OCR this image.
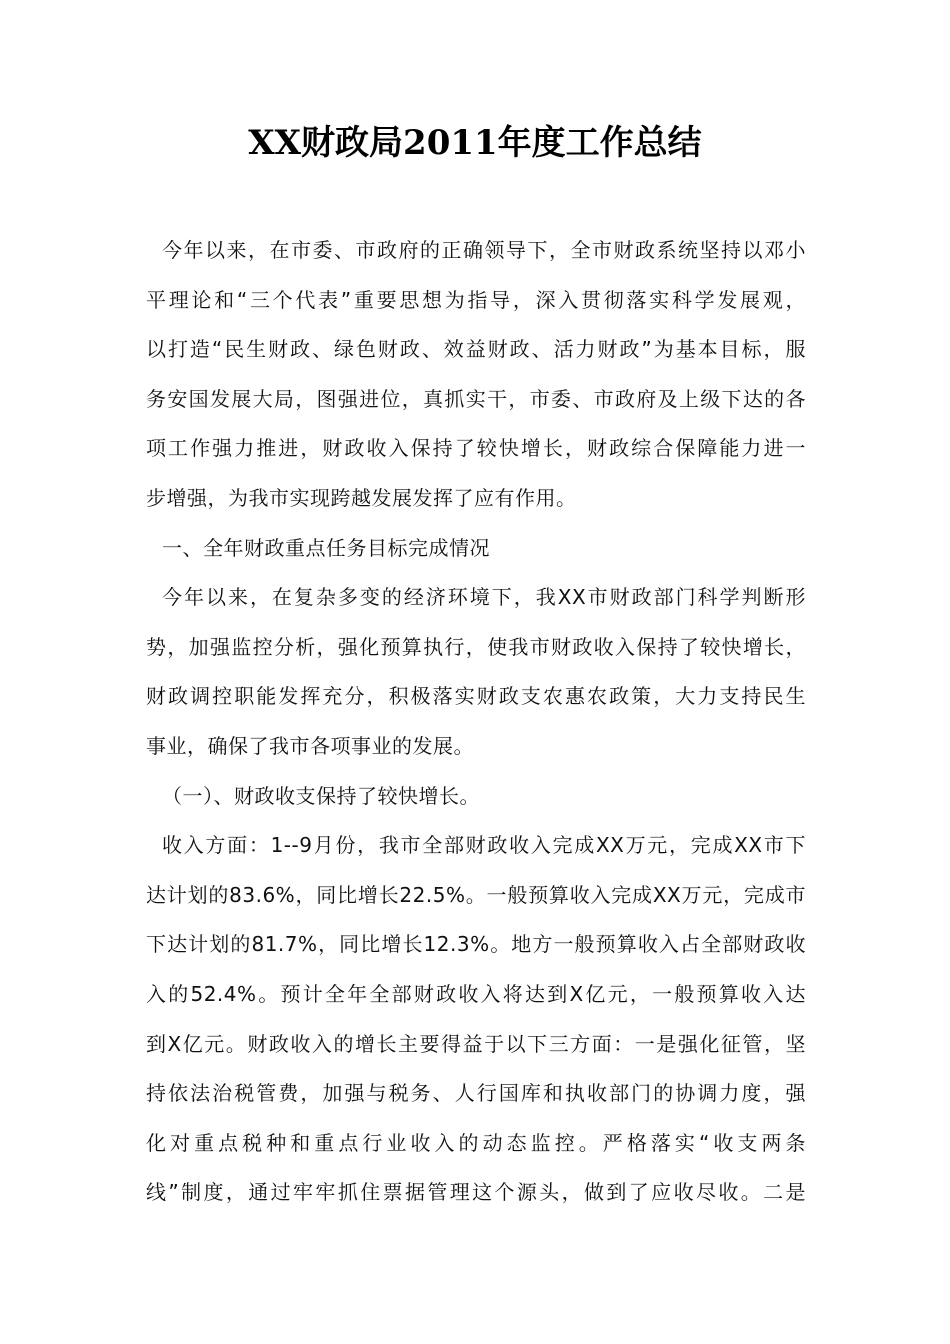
XX财政局2011年度工作总结
今年以来，在市委、市政府的正确领导下，全市财政系统坚持以邓小
平理论和“三个代表”重要思想为指导，深入贯彻落实科学发展观，
以打造“民生财政、绿色财政、效益财政、活力财政”为基本目标，服
务安国发展大局，图强进位，真抓实干，市委、市政府及上级下达的各
项工作强力推进，财政收入保持了较快增长，财政综合保障能力进一
步增强，为我市实现跨越发展发挥了应有作用。
一、全年财政重点任务目标完成情况
今年以来，在复杂多变的经济环境下，我XX市财政部门科学判断形
势，加强监控分析，强化预算执行，使我市财政收入保持了较快增长，
财政调控职能发挥充分，积极落实财政支农惠农政策，大力支持民生
事业，确保了我市各项事业的发展。
（一）、财政收支保持了较快增长。
收入方面：1--9月份，我市全部财政收入完成XX万元，完成XX市下
达计划的83.6%，同比增长22.5%。一般预算收入完成XX万元，完成市
下达计划的81.7%，同比增长12.3%。地方一般预算收入占全部财政收
入的52.4%。预计全年全部财政收入将达到X亿元，一般预算收入达
到X亿元。财政收入的增长主要得益于以下三方面：一是强化征管，坚
持依法治税管费，加强与税务、人行国库和执收部门的协调力度，强
化对重点税种和重点行业收入的动态监控。严格落实“收支两条
线”制度，通过牢牢抓住票据管理这个源头，做到了应收尽收。二是
